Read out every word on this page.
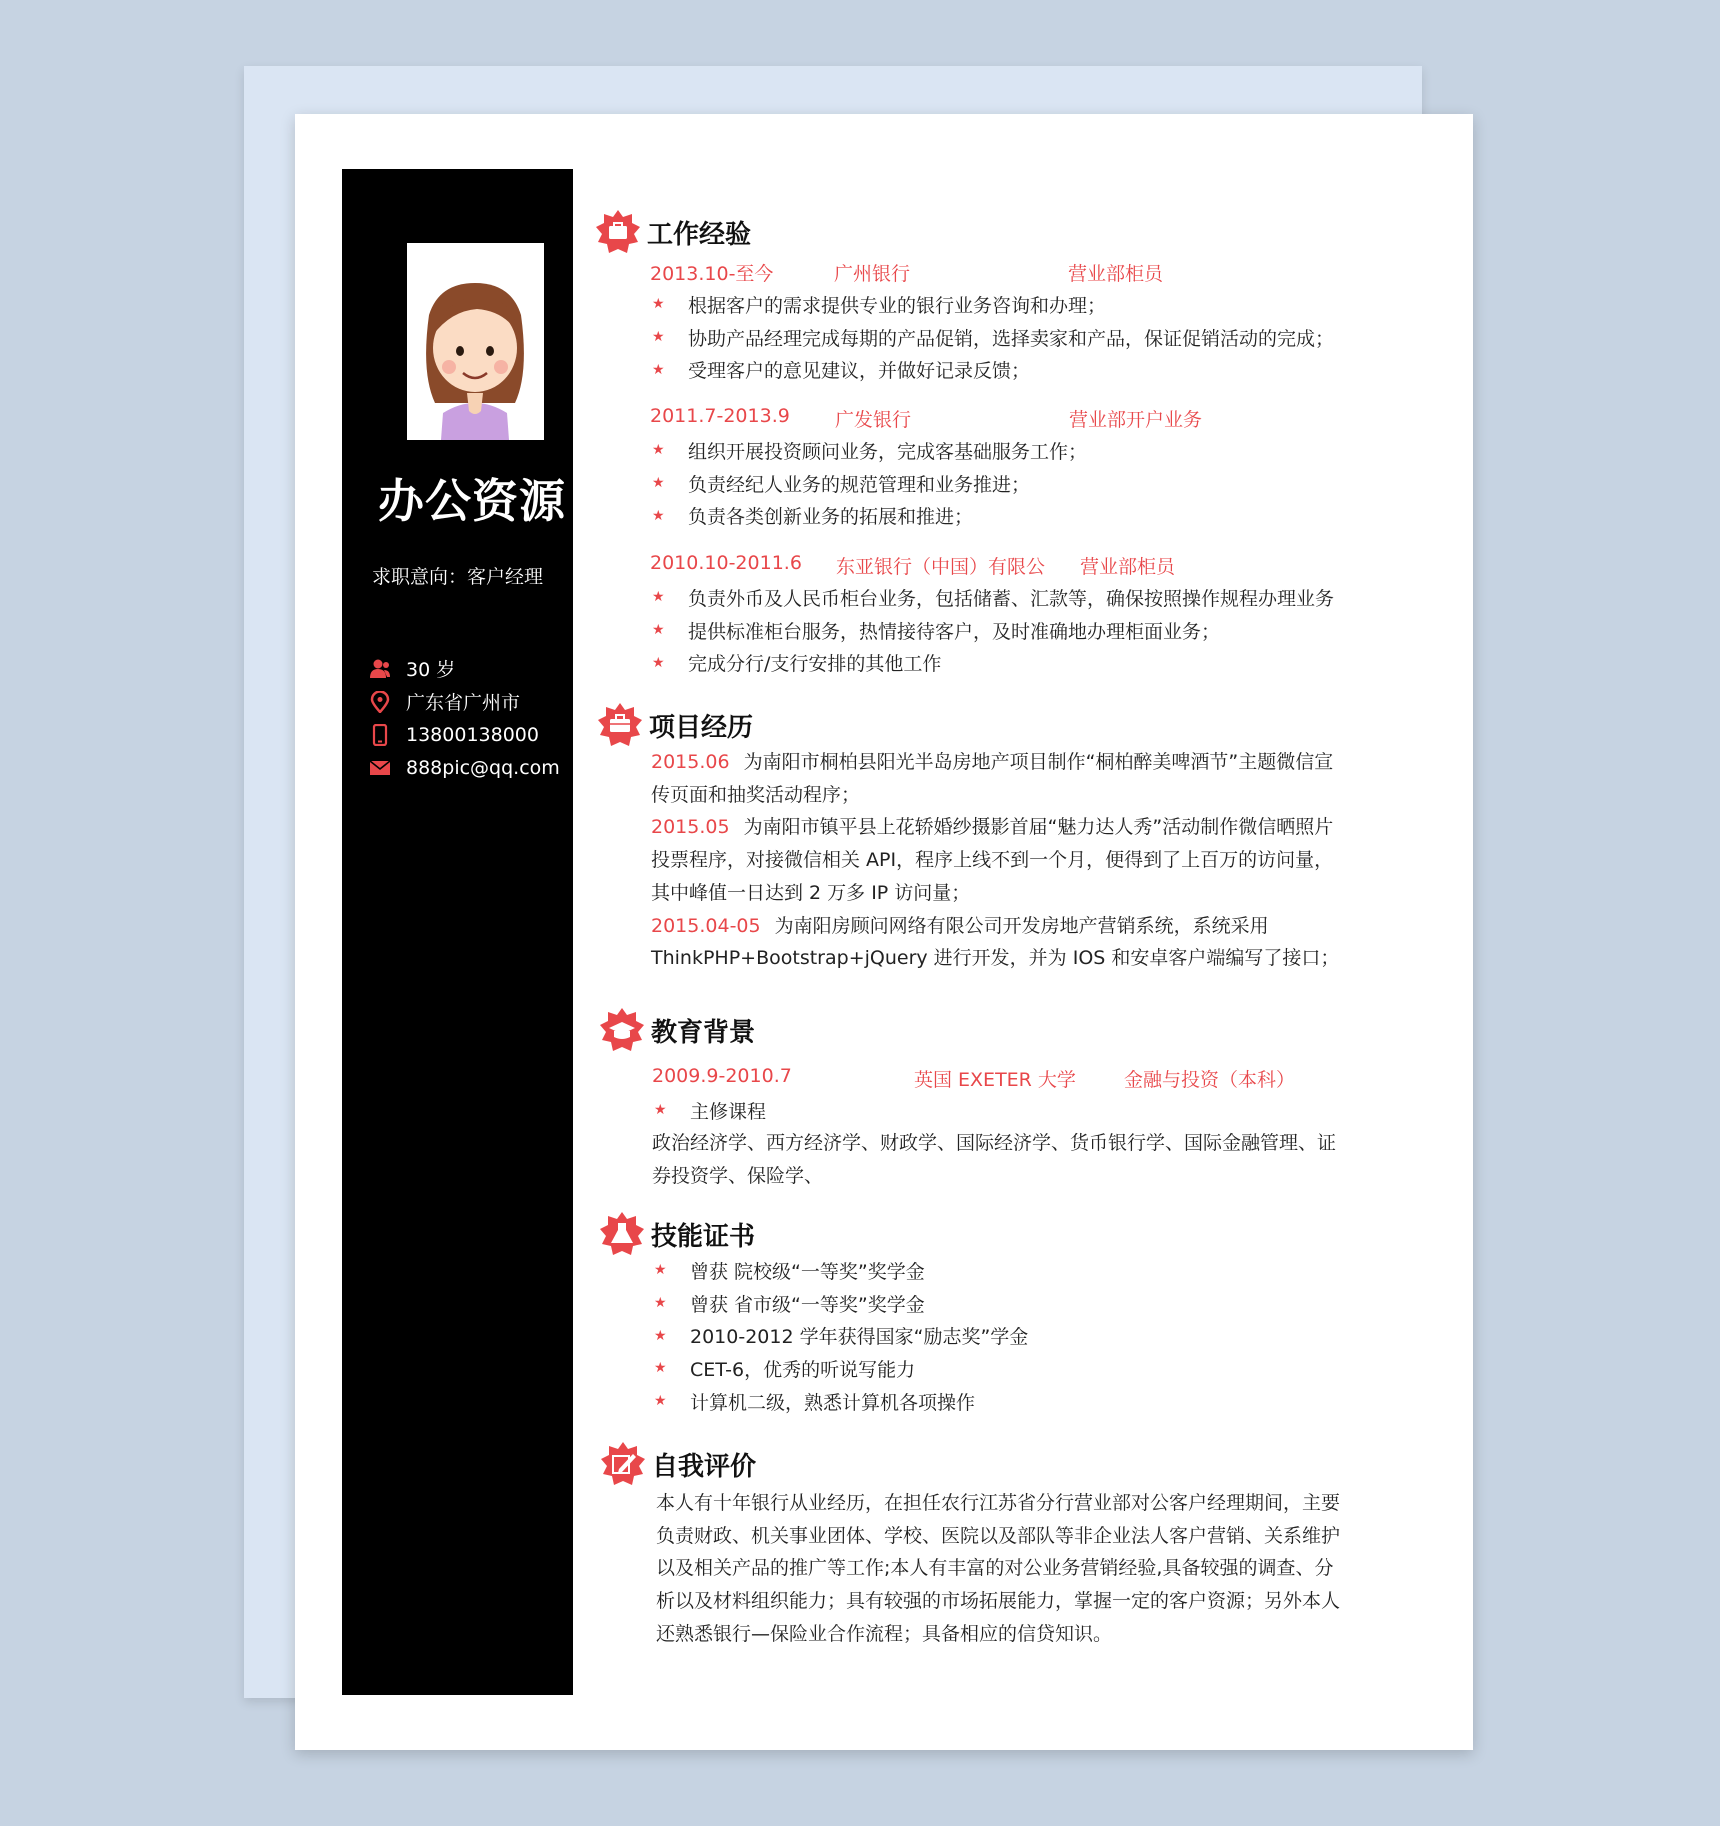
办公资源
求职意向：客户经理
30 岁
广东省广州市
13800138000
888pic@qq.com
工作经验
2013.10-至今	广州银行	营业部柜员
★	根据客户的需求提供专业的银行业务咨询和办理；
★	协助产品经理完成每期的产品促销，选择卖家和产品，保证促销活动的完成；
★	受理客户的意见建议，并做好记录反馈；
2011.7-2013.9 广发银行	营业部开户业务
★	组织开展投资顾问业务，完成客基础服务工作；
★	负责经纪人业务的规范管理和业务推进；
★	负责各类创新业务的拓展和推进；
2010.10-2011.6 东亚银行（中国）有限公 营业部柜员
★	负责外币及人民币柜台业务，包括储蓄、汇款等，确保按照操作规程办理业务
★	提供标准柜台服务，热情接待客户，及时准确地办理柜面业务；
★	完成分行/支行安排的其他工作
项目经历
2015.06 为南阳市桐柏县阳光半岛房地产项目制作“桐柏醉美啤酒节”主题微信宣传页面和抽奖活动程序；
2015.05 为南阳市镇平县上花轿婚纱摄影首届“魅力达人秀”活动制作微信晒照片投票程序，对接微信相关 API，程序上线不到一个月，便得到了上百万的访问量，其中峰值一日达到 2 万多 IP 访问量；
2015.04-05 为南阳房顾问网络有限公司开发房地产营销系统，系统采用 ThinkPHP+Bootstrap+jQuery 进行开发，并为 IOS 和安卓客户端编写了接口；
教育背景
2009.9-2010.7	英国 EXETER 大学	金融与投资（本科）
★	主修课程
政治经济学、西方经济学、财政学、国际经济学、货币银行学、国际金融管理、证券投资学、保险学、
技能证书
★	曾获 院校级“一等奖”奖学金
★	曾获 省市级“一等奖”奖学金
★	2010-2012 学年获得国家“励志奖”学金
★	CET-6，优秀的听说写能力
★	计算机二级，熟悉计算机各项操作
自我评价
本人有十年银行从业经历，在担任农行江苏省分行营业部对公客户经理期间，主要负责财政、机关事业团体、学校、医院以及部队等非企业法人客户营销、关系维护以及相关产品的推广等工作;本人有丰富的对公业务营销经验,具备较强的调查、分析以及材料组织能力；具有较强的市场拓展能力，掌握一定的客户资源；另外本人还熟悉银行—保险业合作流程；具备相应的信贷知识。
